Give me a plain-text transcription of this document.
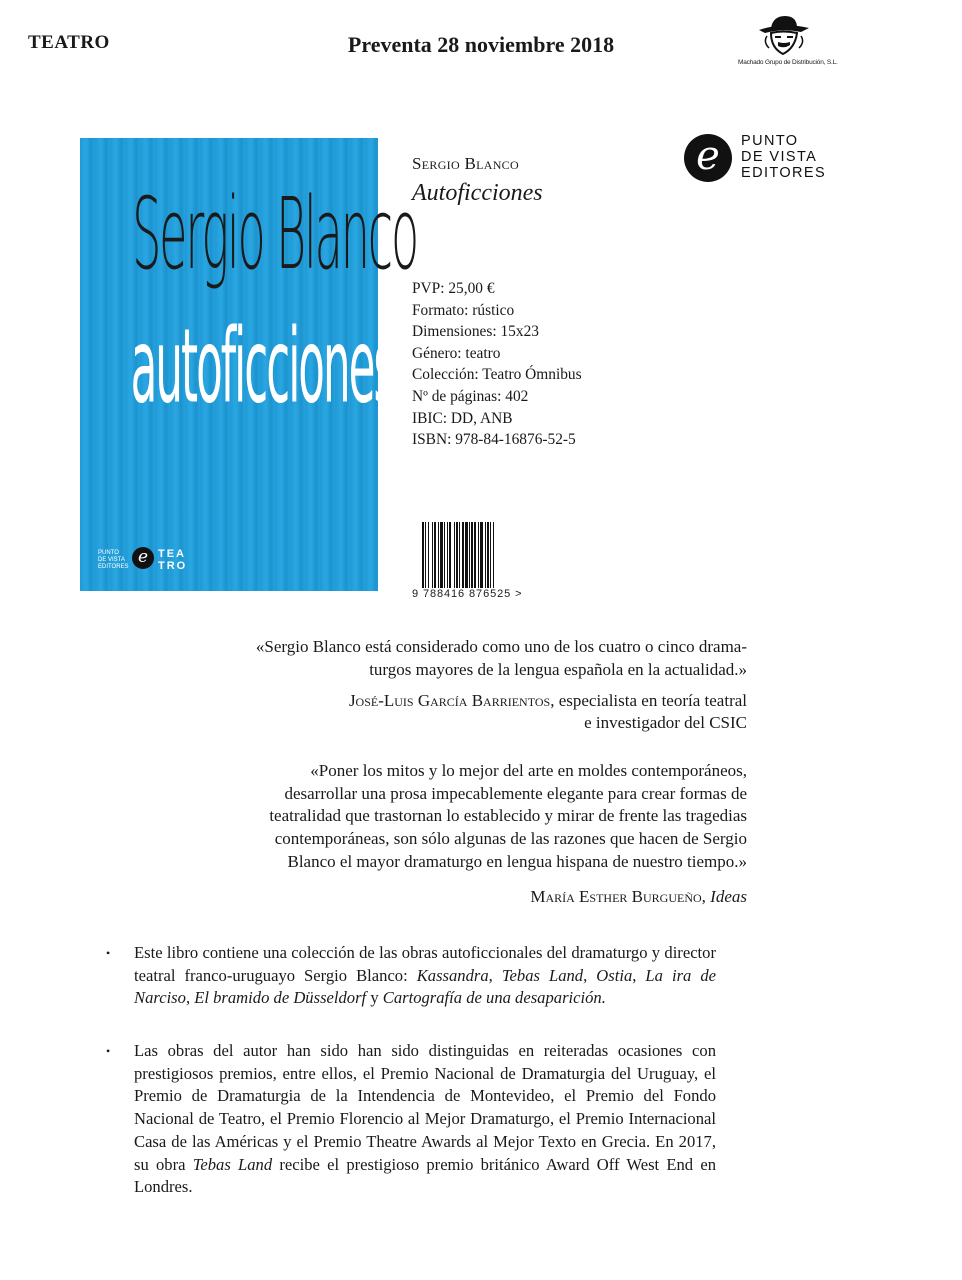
TEATRO	Preventa 28 noviembre 2018
Machado Grupo de Distribución, S.L.
Sergio Blanco
autoficciones
PUNTO
DE VISTA
EDITORES e TEA
TRO
Sergio Blanco
Autoficciones
PVP: 25,00 €
Formato: rústico
Dimensiones: 15x23
Género: teatro
Colección: Teatro Ómnibus
Nº de páginas: 402
IBIC: DD, ANB
ISBN: 978-84-16876-52-5
e	PUNTO
DE VISTA
EDITORES
9 788416 876525 >
«Sergio Blanco está considerado como uno de los cuatro o cinco drama-
turgos mayores de la lengua española en la actualidad.»
José-Luis García Barrientos, especialista en teoría teatral
e investigador del CSIC
«Poner los mitos y lo mejor del arte en moldes contemporáneos,
desarrollar una prosa impecablemente elegante para crear formas de
teatralidad que trastornan lo establecido y mirar de frente las tragedias
contemporáneas, son sólo algunas de las razones que hacen de Sergio
Blanco el mayor dramaturgo en lengua hispana de nuestro tiempo.»
María Esther Burgueño, Ideas
• Este libro contiene una colección de las obras autoficcionales del dramaturgo y director teatral franco-uruguayo Sergio Blanco: Kassandra, Tebas Land, Ostia, La ira de Narciso, El bramido de Düsseldorf y Cartografía de una desaparición.
• Las obras del autor han sido han sido distinguidas en reiteradas ocasiones con prestigiosos premios, entre ellos, el Premio Nacional de Dramaturgia del Uruguay, el Premio de Dramaturgia de la Intendencia de Montevideo, el Premio del Fondo Nacional de Teatro, el Premio Florencio al Mejor Dramaturgo, el Premio Internacional Casa de las Américas y el Premio Theatre Awards al Mejor Texto en Grecia. En 2017, su obra Tebas Land recibe el prestigioso premio británico Award Off West End en Londres.
